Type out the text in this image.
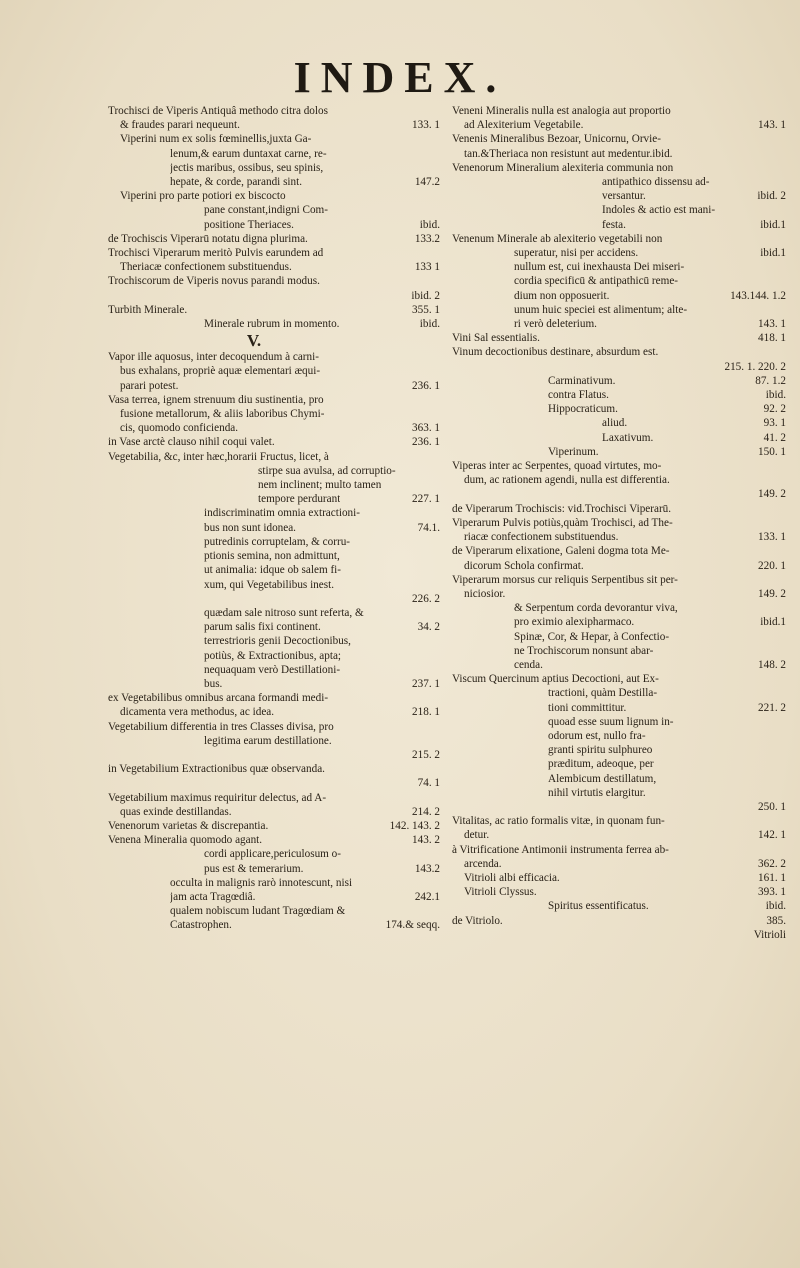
INDEX.
Trochisci de Viperis Antiquâ methodo citra dolos
& fraudes parari nequeunt.	133. 1
Viperini num ex solis fœminellis,juxta Ga-
lenum,& earum duntaxat carne, re-
jectis maribus, ossibus, seu spinis,
hepate, & corde, parandi sint.	147.2
Viperini pro parte potiori ex biscocto
pane constant,indigni Com-
positione Theriaces.	ibid.
de Trochiscis Viperarū notatu digna plurima.	133.2
Trochisci Viperarum meritò Pulvis earundem ad
Theriacæ confectionem substituendus.	133 1
Trochiscorum de Viperis novus parandi modus.
ibid. 2
Turbith Minerale.	355. 1
Minerale rubrum in momento.	ibid.
V.
Vapor ille aquosus, inter decoquendum à carni-
bus exhalans, propriè aquæ elementari æqui-
parari potest.	236. 1
Vasa terrea, ignem strenuum diu sustinentia, pro
fusione metallorum, & aliis laboribus Chymi-
cis, quomodo conficienda.	363. 1
in Vase arctè clauso nihil coqui valet.	236. 1
Vegetabilia, &c, inter hæc,horarii Fructus, licet, à
stirpe sua avulsa, ad corruptio-
nem inclinent; multo tamen
tempore perdurant	227. 1
indiscriminatim omnia extractioni-
bus non sunt idonea.	74.1.
putredinis corruptelam, & corru-
ptionis semina, non admittunt,
ut animalia: idque ob salem fi-
xum, qui Vegetabilibus inest.
226. 2
quædam sale nitroso sunt referta, &
parum salis fixi continent.	34. 2
terrestrioris genii Decoctionibus,
potiùs, & Extractionibus, apta;
nequaquam verò Destillationi-
bus.	237. 1
ex Vegetabilibus omnibus arcana formandi medi-
dicamenta vera methodus, ac idea.	218. 1
Vegetabilium differentia in tres Classes divisa, pro
legitima earum destillatione.
215. 2
in Vegetabilium Extractionibus quæ observanda.
74. 1
Vegetabilium maximus requiritur delectus, ad A-
quas exinde destillandas.	214. 2
Venenorum varietas & discrepantia.	142. 143. 2
Venena Mineralia quomodo agant.	143. 2
cordi applicare,periculosum o-
pus est & temerarium.	143.2
occulta in malignis rarò innotescunt, nisi
jam acta Tragœdiâ.	242.1
qualem nobiscum ludant Tragœdiam &
Catastrophen.	174.& seqq.
Veneni Mineralis nulla est analogia aut proportio
ad Alexiterium Vegetabile.	143. 1
Venenis Mineralibus Bezoar, Unicornu, Orvie-
tan.&Theriaca non resistunt aut medentur.ibid.
Venenorum Mineralium alexiteria communia non
antipathico dissensu ad-
versantur.	ibid. 2
Indoles & actio est mani-
festa.	ibid.1
Venenum Minerale ab alexiterio vegetabili non
superatur, nisi per accidens.	ibid.1
nullum est, cui inexhausta Dei miseri-
cordia specificū & antipathicū reme-
dium non opposuerit.	143.144. 1.2
unum huic speciei est alimentum; alte-
ri verò deleterium.	143. 1
Vini Sal essentialis.	418. 1
Vinum decoctionibus destinare, absurdum est.
215. 1. 220. 2
Carminativum.	87. 1.2
contra Flatus.	ibid.
Hippocraticum.	92. 2
aliud.	93. 1
Laxativum.	41. 2
Viperinum.	150. 1
Viperas inter ac Serpentes, quoad virtutes, mo-
dum, ac rationem agendi, nulla est differentia.
149. 2
de Viperarum Trochiscis: vid.Trochisci Viperarū.
Viperarum Pulvis potiùs,quàm Trochisci, ad The-
riacæ confectionem substituendus.	133. 1
de Viperarum elixatione, Galeni dogma tota Me-
dicorum Schola confirmat.	220. 1
Viperarum morsus cur reliquis Serpentibus sit per-
niciosior.	149. 2
& Serpentum corda devorantur viva,
pro eximio alexipharmaco.	ibid.1
Spinæ, Cor, & Hepar, à Confectio-
ne Trochiscorum nonsunt abar-
cenda.	148. 2
Viscum Quercinum aptius Decoctioni, aut Ex-
tractioni, quàm Destilla-
tioni committitur.	221. 2
quoad esse suum lignum in-
odorum est, nullo fra-
granti spiritu sulphureo
præditum, adeoque, per
Alembicum destillatum,
nihil virtutis elargitur.
250. 1
Vitalitas, ac ratio formalis vitæ, in quonam fun-
detur.	142. 1
à Vitrificatione Antimonii instrumenta ferrea ab-
arcenda.	362. 2
Vitrioli albi efficacia.	161. 1
Vitrioli Clyssus.	393. 1
Spiritus essentificatus.	ibid.
de Vitriolo.	385.
Vitrioli
